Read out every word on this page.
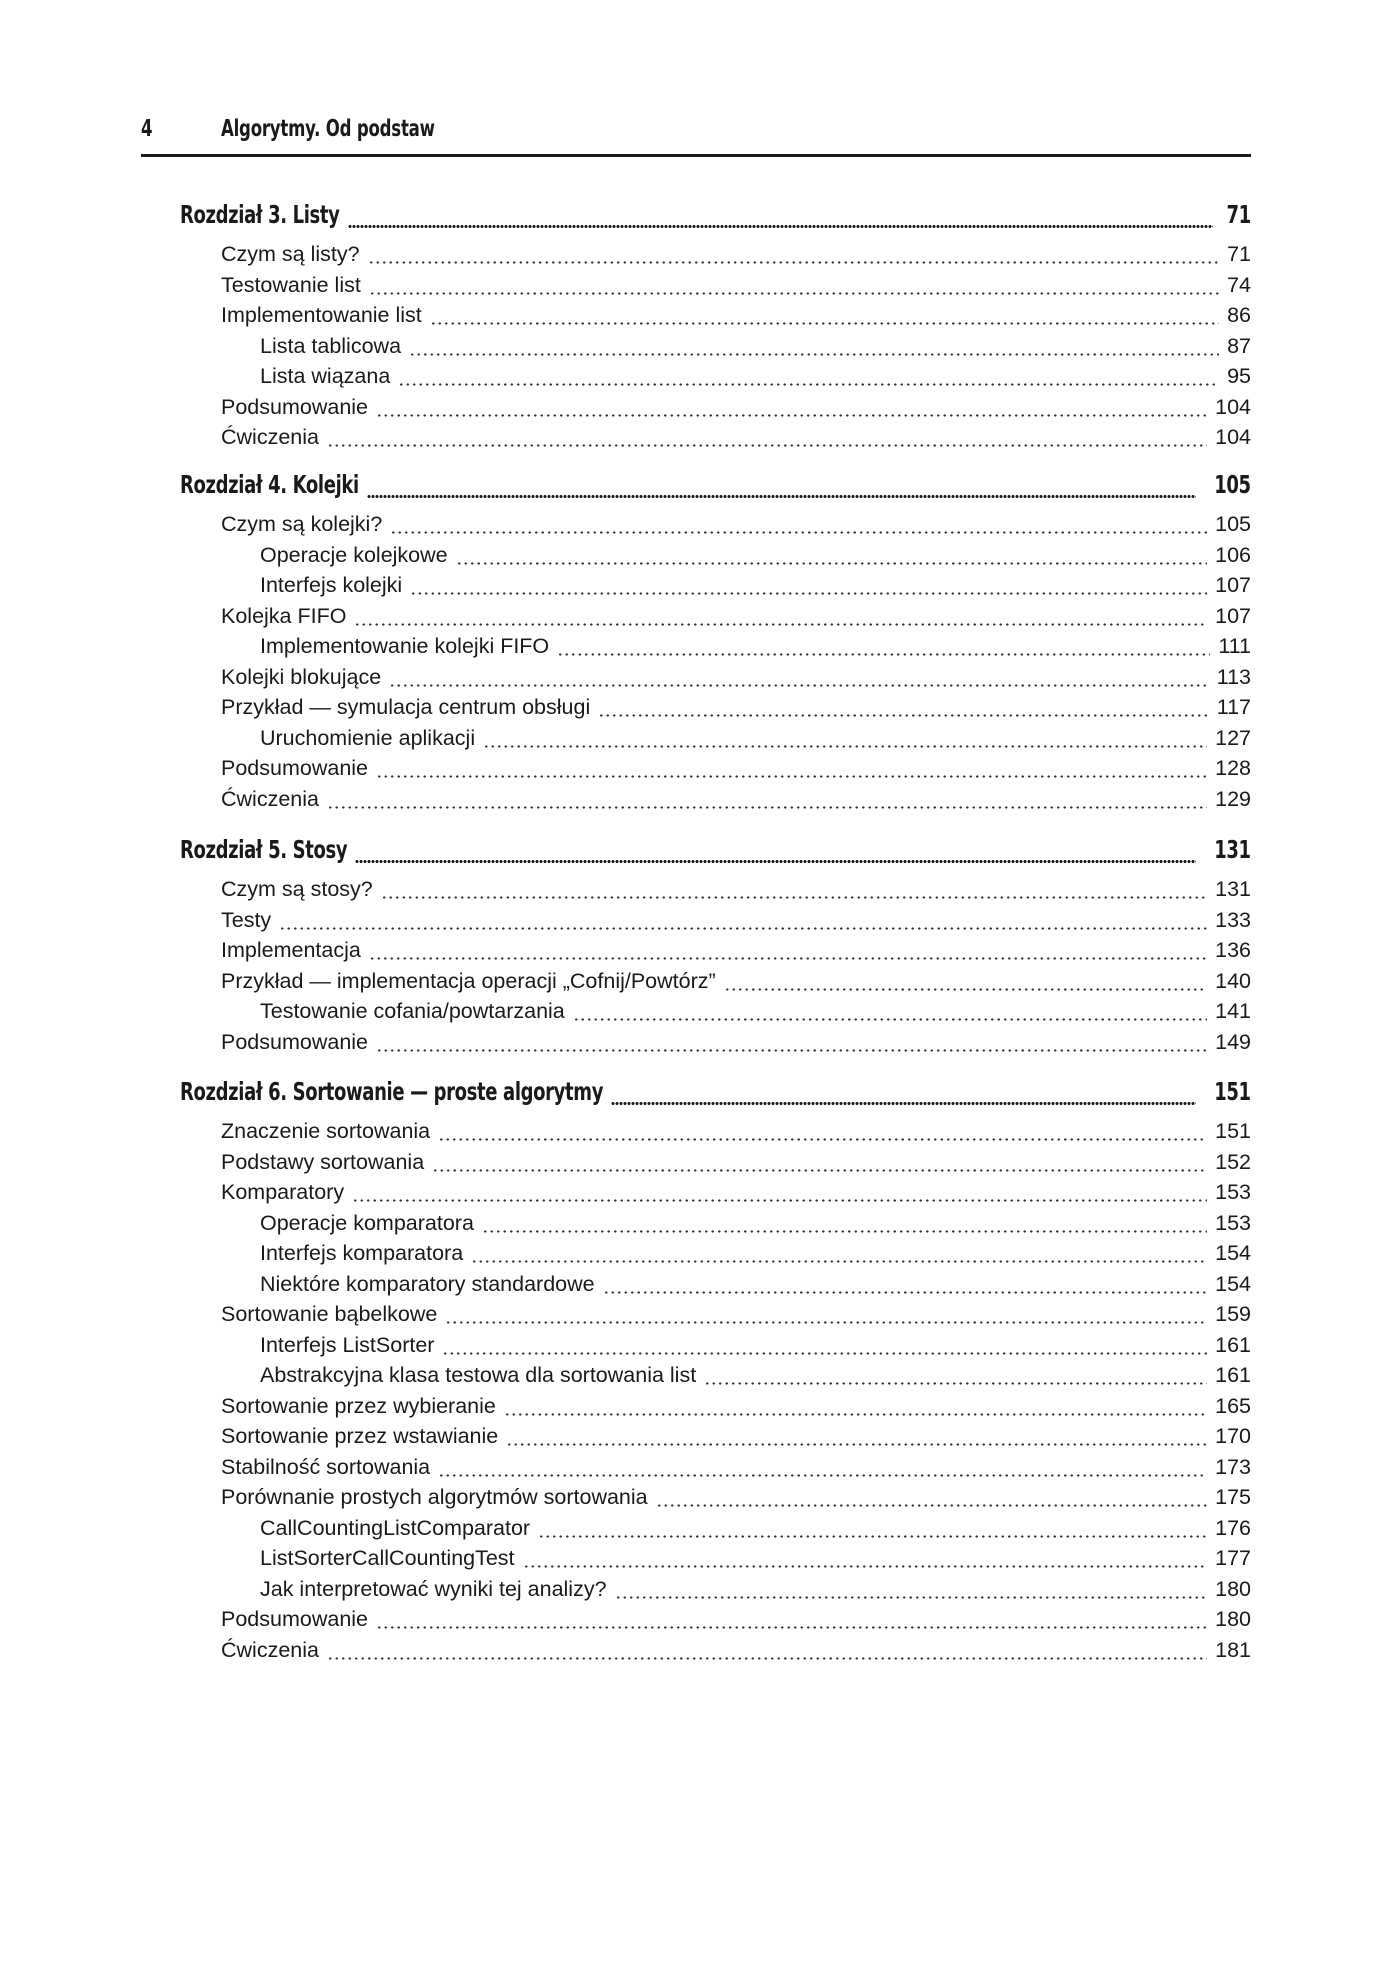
4	Algorytmy. Od podstaw
Rozdział 3. Listy	71
Czym są listy?	71
Testowanie list	74
Implementowanie list	86
Lista tablicowa	87
Lista wiązana	95
Podsumowanie	104
Ćwiczenia	104
Rozdział 4. Kolejki	105
Czym są kolejki?	105
Operacje kolejkowe	106
Interfejs kolejki	107
Kolejka FIFO	107
Implementowanie kolejki FIFO	111
Kolejki blokujące	113
Przykład — symulacja centrum obsługi	117
Uruchomienie aplikacji	127
Podsumowanie	128
Ćwiczenia	129
Rozdział 5. Stosy	131
Czym są stosy?	131
Testy	133
Implementacja	136
Przykład — implementacja operacji „Cofnij/Powtórz”	140
Testowanie cofania/powtarzania	141
Podsumowanie	149
Rozdział 6. Sortowanie — proste algorytmy	151
Znaczenie sortowania	151
Podstawy sortowania	152
Komparatory	153
Operacje komparatora	153
Interfejs komparatora	154
Niektóre komparatory standardowe	154
Sortowanie bąbelkowe	159
Interfejs ListSorter	161
Abstrakcyjna klasa testowa dla sortowania list	161
Sortowanie przez wybieranie	165
Sortowanie przez wstawianie	170
Stabilność sortowania	173
Porównanie prostych algorytmów sortowania	175
CallCountingListComparator	176
ListSorterCallCountingTest	177
Jak interpretować wyniki tej analizy?	180
Podsumowanie	180
Ćwiczenia	181
